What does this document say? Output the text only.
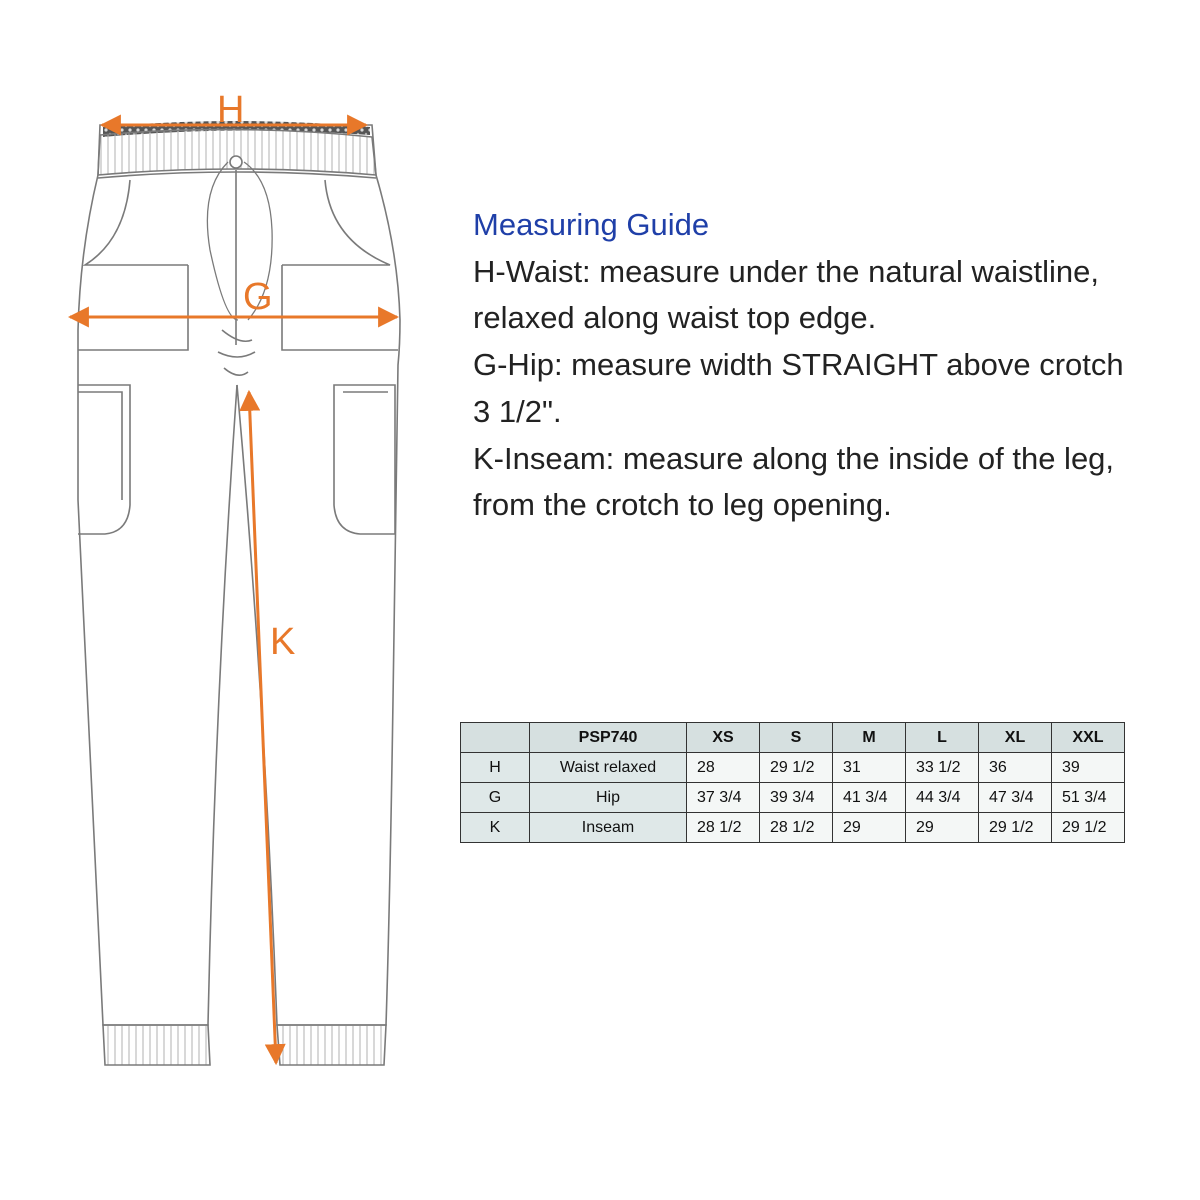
H
G
K
Measuring Guide
H-Waist: measure under the natural waistline,
relaxed along waist top edge.
G-Hip: measure width STRAIGHT above crotch
3 1/2".
K-Inseam: measure along the inside of the leg,
from the crotch to leg opening.
	PSP740	XS	S	M	L	XL	XXL
H	Waist relaxed	28	29 1/2	31	33 1/2	36	39
G	Hip	37 3/4	39 3/4	41 3/4	44 3/4	47 3/4	51 3/4
K	Inseam	28 1/2	28 1/2	29	29	29 1/2	29 1/2
